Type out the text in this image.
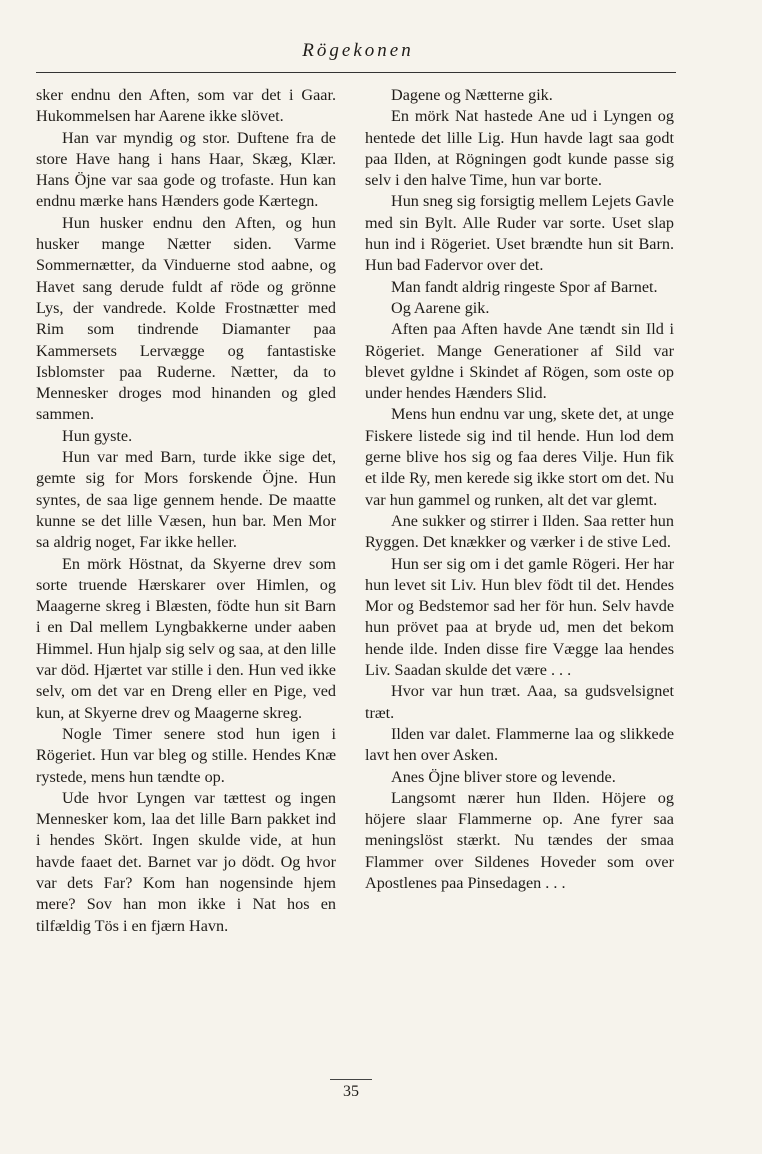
Rögekonen

sker endnu den Aften, som var det i Gaar. Hukommelsen har Aarene ikke slövet.

Han var myndig og stor. Duftene fra de store Have hang i hans Haar, Skæg, Klær. Hans Öjne var saa gode og trofaste. Hun kan endnu mærke hans Hænders gode Kærtegn.

Hun husker endnu den Aften, og hun husker mange Nætter siden. Varme Sommernætter, da Vinduerne stod aabne, og Havet sang derude fuldt af röde og grönne Lys, der vandrede. Kolde Frostnætter med Rim som tindrende Diamanter paa Kammersets Lervægge og fantastiske Isblomster paa Ruderne. Nætter, da to Mennesker droges mod hinanden og gled sammen.

Hun gyste.

Hun var med Barn, turde ikke sige det, gemte sig for Mors forskende Öjne. Hun syntes, de saa lige gennem hende. De maatte kunne se det lille Væsen, hun bar. Men Mor sa aldrig noget, Far ikke heller.

En mörk Höstnat, da Skyerne drev som sorte truende Hærskarer over Himlen, og Maagerne skreg i Blæsten, födte hun sit Barn i en Dal mellem Lyngbakkerne under aaben Himmel. Hun hjalp sig selv og saa, at den lille var död. Hjærtet var stille i den. Hun ved ikke selv, om det var en Dreng eller en Pige, ved kun, at Skyerne drev og Maagerne skreg.

Nogle Timer senere stod hun igen i Rögeriet. Hun var bleg og stille. Hendes Knæ rystede, mens hun tændte op.

Ude hvor Lyngen var tættest og ingen Mennesker kom, laa det lille Barn pakket ind i hendes Skört. Ingen skulde vide, at hun havde faaet det. Barnet var jo dödt. Og hvor var dets Far? Kom han nogensinde hjem mere? Sov han mon ikke i Nat hos en tilfældig Tös i en fjærn Havn.

Dagene og Nætterne gik.

En mörk Nat hastede Ane ud i Lyngen og hentede det lille Lig. Hun havde lagt saa godt paa Ilden, at Rögningen godt kunde passe sig selv i den halve Time, hun var borte.

Hun sneg sig forsigtig mellem Lejets Gavle med sin Bylt. Alle Ruder var sorte. Uset slap hun ind i Rögeriet. Uset brændte hun sit Barn. Hun bad Fadervor over det.

Man fandt aldrig ringeste Spor af Barnet.

Og Aarene gik.

Aften paa Aften havde Ane tændt sin Ild i Rögeriet. Mange Generationer af Sild var blevet gyldne i Skindet af Rögen, som oste op under hendes Hænders Slid.

Mens hun endnu var ung, skete det, at unge Fiskere listede sig ind til hende. Hun lod dem gerne blive hos sig og faa deres Vilje. Hun fik et ilde Ry, men kerede sig ikke stort om det. Nu var hun gammel og runken, alt det var glemt.

Ane sukker og stirrer i Ilden. Saa retter hun Ryggen. Det knækker og værker i de stive Led.

Hun ser sig om i det gamle Rögeri. Her har hun levet sit Liv. Hun blev födt til det. Hendes Mor og Bedstemor sad her för hun. Selv havde hun prövet paa at bryde ud, men det bekom hende ilde. Inden disse fire Vægge laa hendes Liv. Saadan skulde det være . . .

Hvor var hun træt. Aaa, sa gudsvelsignet træt.

Ilden var dalet. Flammerne laa og slikkede lavt hen over Asken.

Anes Öjne bliver store og levende.

Langsomt nærer hun Ilden. Höjere og höjere slaar Flammerne op. Ane fyrer saa meningslöst stærkt. Nu tændes der smaa Flammer over Sildenes Hoveder som over Apostlenes paa Pinsedagen . . .

35
